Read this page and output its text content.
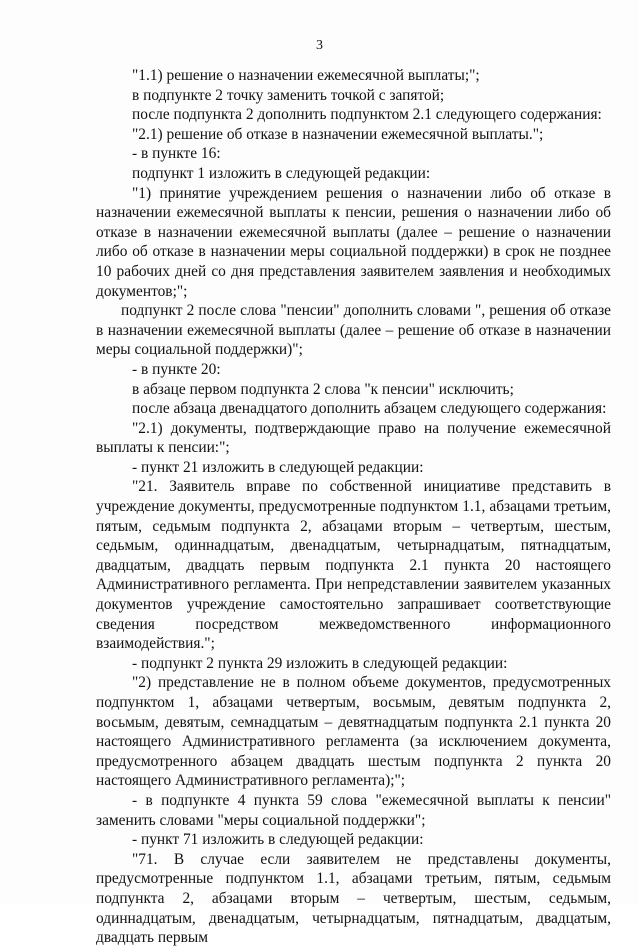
3

"1.1) решение о назначении ежемесячной выплаты;";

в подпункте 2 точку заменить точкой с запятой;

после подпункта 2 дополнить подпунктом 2.1 следующего содержания:

"2.1) решение об отказе в назначении ежемесячной выплаты.";

- в пункте 16:

подпункт 1 изложить в следующей редакции:

"1) принятие учреждением решения о назначении либо об отказе в назначении ежемесячной выплаты к пенсии, решения о назначении либо об отказе в назначении ежемесячной выплаты (далее – решение о назначении либо об отказе в назначении меры социальной поддержки) в срок не позднее 10 рабочих дней со дня представления заявителем заявления и необходимых документов;";

подпункт 2 после слова "пенсии" дополнить словами ", решения об отказе в назначении ежемесячной выплаты (далее – решение об отказе в назначении меры социальной поддержки)";

- в пункте 20:

в абзаце первом подпункта 2 слова "к пенсии" исключить;

после абзаца двенадцатого дополнить абзацем следующего содержания:

"2.1) документы, подтверждающие право на получение ежемесячной выплаты к пенсии:";

- пункт 21 изложить в следующей редакции:

"21. Заявитель вправе по собственной инициативе представить в учреждение документы, предусмотренные подпунктом 1.1, абзацами третьим, пятым, седьмым подпункта 2, абзацами вторым – четвертым, шестым, седьмым, одиннадцатым, двенадцатым, четырнадцатым, пятнадцатым, двадцатым, двадцать первым подпункта 2.1 пункта 20 настоящего Административного регламента. При непредставлении заявителем указанных документов учреждение самостоятельно запрашивает соответствующие сведения посредством межведомственного информационного взаимодействия.";

- подпункт 2 пункта 29 изложить в следующей редакции:

"2) представление не в полном объеме документов, предусмотренных подпунктом 1, абзацами четвертым, восьмым, девятым подпункта 2, восьмым, девятым, семнадцатым – девятнадцатым подпункта 2.1 пункта 20 настоящего Административного регламента (за исключением документа, предусмотренного абзацем двадцать шестым подпункта 2 пункта 20 настоящего Административного регламента);";

- в подпункте 4 пункта 59 слова "ежемесячной выплаты к пенсии" заменить словами "меры социальной поддержки";

- пункт 71 изложить в следующей редакции:

"71. В случае если заявителем не представлены документы, предусмотренные подпунктом 1.1, абзацами третьим, пятым, седьмым подпункта 2, абзацами вторым – четвертым, шестым, седьмым, одиннадцатым, двенадцатым, четырнадцатым, пятнадцатым, двадцатым, двадцать первым
